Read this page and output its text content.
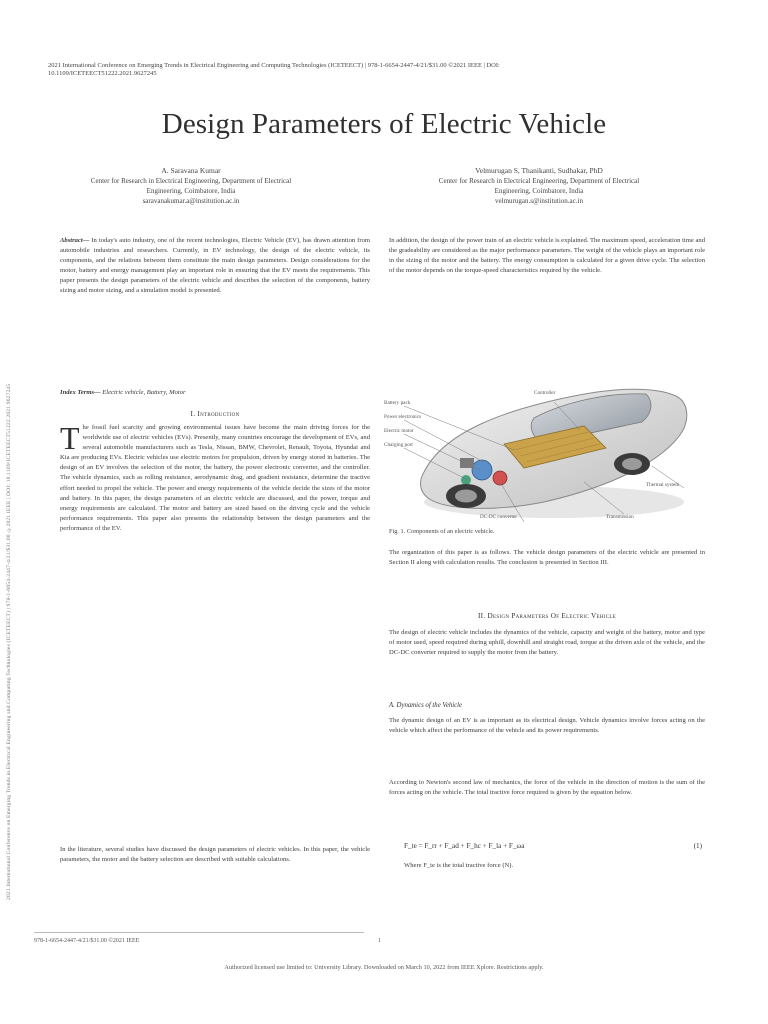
2021 International Conference on Emerging Trends in Electrical Engineering and Computing Technologies (ICETEECT) | 978-1-6654-2447-4/21/$31.00 ©2021 IEEE | DOI: 10.1109/ICETEECT51222.2021.9627245
2021 International Conference on Emerging Trends in Electrical Engineering and Computing Technologies (ICETEECT) | 978-1-6654-2447-4/21/$31.00 ©2021 IEEE | DOI: 10.1109/ICETEECT51222.2021.9627245
Design Parameters of Electric Vehicle
A. Saravana Kumar
Center for Research in Electrical Engineering, Department of Electrical
Engineering, Coimbatore, India
saravanakumar.a@institution.ac.in
Velmurugan S, Thanikanti, Sudhakar, PhD
Center for Research in Electrical Engineering, Department of Electrical
Engineering, Coimbatore, India
velmurugan.s@institution.ac.in
Abstract— In today's auto industry, one of the recent technologies, Electric Vehicle (EV), has drawn attention from automobile industries and researchers. Currently, in EV technology, the design of the electric vehicle, its components, and the relations between them constitute the main design parameters. Design considerations for the motor, battery and energy management play an important role in ensuring that the EV meets the requirements. This paper presents the design parameters of the electric vehicle and describes the selection of the components, battery sizing and motor sizing, and a simulation model is presented.
Index Terms— Electric vehicle, Battery, Motor
I. Introduction
The fossil fuel scarcity and growing environmental issues have become the main driving forces for the worldwide use of electric vehicles (EVs). Presently, many countries encourage the development of EVs, and several automobile manufacturers such as Tesla, Nissan, BMW, Chevrolet, Renault, Toyota, Hyundai and Kia are producing EVs. Electric vehicles use electric motors for propulsion, driven by energy stored in batteries. The design of an EV involves the selection of the motor, the battery, the power electronic converter, and the controller. The vehicle dynamics, such as rolling resistance, aerodynamic drag, and gradient resistance, determine the tractive effort needed to propel the vehicle. The power and energy requirements of the vehicle decide the sizes of the motor and battery. In this paper, the design parameters of an electric vehicle are discussed, and the power, torque and energy requirements are calculated. The motor and battery are sized based on the driving cycle and the vehicle performance requirements. This paper also presents the relationship between the design parameters and the performance of the EV.
In the literature, several studies have discussed the design parameters of electric vehicles. In this paper, the vehicle parameters, the motor and the battery selection are described with suitable calculations.
In addition, the design of the power train of an electric vehicle is explained. The maximum speed, acceleration time and the gradeability are considered as the major performance parameters. The weight of the vehicle plays an important role in the sizing of the motor and the battery. The energy consumption is calculated for a given drive cycle. The selection of the motor depends on the torque-speed characteristics required by the vehicle.
Battery pack
Power electronics
Electric motor
Charging port
Controller
Transmission
Thermal system
DC-DC converter
Fig. 1. Components of an electric vehicle.
The organization of this paper is as follows. The vehicle design parameters of the electric vehicle are presented in Section II along with calculation results. The conclusion is presented in Section III.
II. Design Parameters Of Electric Vehicle
The design of electric vehicle includes the dynamics of the vehicle, capacity and weight of the battery, motor and type of motor used, speed required during uphill, downhill and straight road, torque at the driven axle of the vehicle, and the DC-DC converter required to supply the motor from the battery.
A. Dynamics of the Vehicle
The dynamic design of an EV is as important as its electrical design. Vehicle dynamics involve forces acting on the vehicle which affect the performance of the vehicle and its power requirements.
According to Newton's second law of mechanics, the force of the vehicle in the direction of motion is the sum of the forces acting on the vehicle. The total tractive force required is given by the equation below.
F_te = F_rr + F_ad + F_hc + F_la + F_ωa	(1)
Where F_te is the total tractive force (N).
978-1-6654-2447-4/21/$31.00 ©2021 IEEE	1
Authorized licensed use limited to: University Library. Downloaded on March 10, 2022 from IEEE Xplore. Restrictions apply.
